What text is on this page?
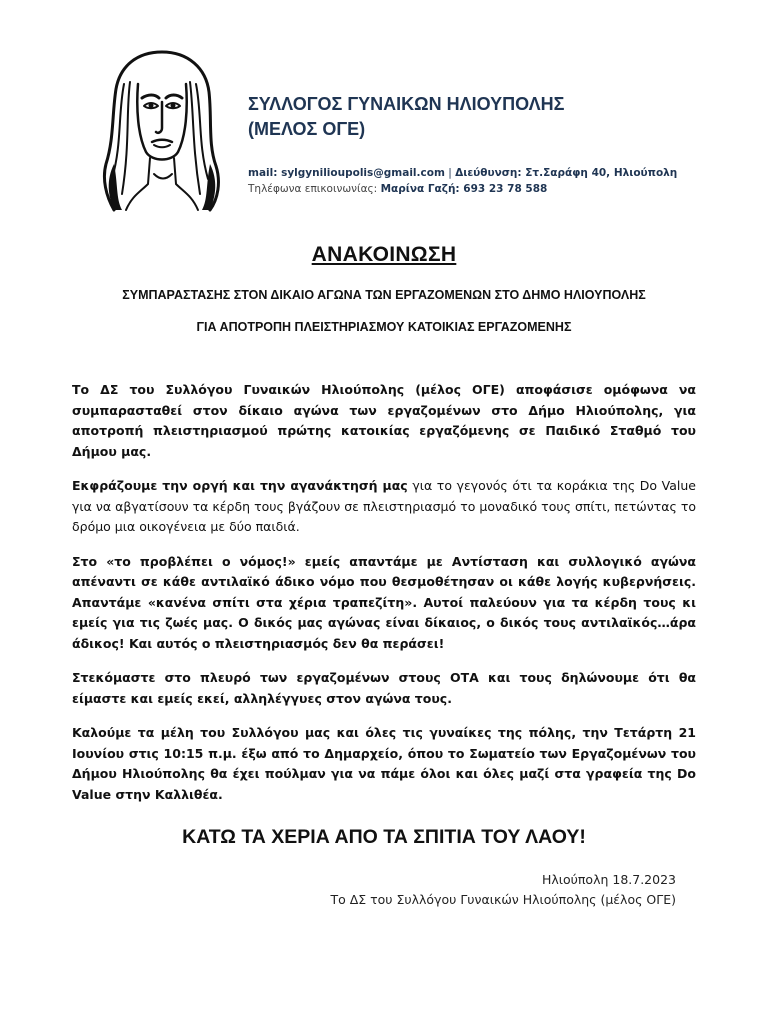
ΣΥΛΛΟΓΟΣ ΓΥΝΑΙΚΩΝ ΗΛΙΟΥΠΟΛΗΣ
(ΜΕΛΟΣ ΟΓΕ)
mail: sylgynilioupolis@gmail.com | Διεύθυνση: Στ.Σαράφη 40, Ηλιούπολη
Τηλέφωνα επικοινωνίας: Μαρίνα Γαζή: 693 23 78 588
ΑΝΑΚΟΙΝΩΣΗ

ΣΥΜΠΑΡΑΣΤΑΣΗΣ ΣΤΟΝ ΔΙΚΑΙΟ ΑΓΩΝΑ ΤΩΝ ΕΡΓΑΖΟΜΕΝΩΝ ΣΤΟ ΔΗΜΟ ΗΛΙΟΥΠΟΛΗΣ

ΓΙΑ ΑΠΟΤΡΟΠΗ ΠΛΕΙΣΤΗΡΙΑΣΜΟΥ ΚΑΤΟΙΚΙΑΣ ΕΡΓΑΖΟΜΕΝΗΣ

Το ΔΣ του Συλλόγου Γυναικών Ηλιούπολης (μέλος ΟΓΕ) αποφάσισε ομόφωνα να συμπαρασταθεί στον δίκαιο αγώνα των εργαζομένων στο Δήμο Ηλιούπολης, για αποτροπή πλειστηριασμού πρώτης κατοικίας εργαζόμενης σε Παιδικό Σταθμό του Δήμου μας.

Εκφράζουμε την οργή και την αγανάκτησή μας για το γεγονός ότι τα κοράκια της Do Value για να αβγατίσουν τα κέρδη τους βγάζουν σε πλειστηριασμό το μοναδικό τους σπίτι, πετώντας το δρόμο μια οικογένεια με δύο παιδιά.

Στο «το προβλέπει ο νόμος!» εμείς απαντάμε με Αντίσταση και συλλογικό αγώνα απέναντι σε κάθε αντιλαϊκό άδικο νόμο που θεσμοθέτησαν οι κάθε λογής κυβερνήσεις. Απαντάμε «κανένα σπίτι στα χέρια τραπεζίτη». Αυτοί παλεύουν για τα κέρδη τους κι εμείς για τις ζωές μας. Ο δικός μας αγώνας είναι δίκαιος, ο δικός τους αντιλαϊκός…άρα άδικος! Και αυτός ο πλειστηριασμός δεν θα περάσει!

Στεκόμαστε στο πλευρό των εργαζομένων στους ΟΤΑ και τους δηλώνουμε ότι θα είμαστε και εμείς εκεί, αλληλέγγυες στον αγώνα τους.

Καλούμε τα μέλη του Συλλόγου μας και όλες τις γυναίκες της πόλης, την Τετάρτη 21 Ιουνίου στις 10:15 π.μ. έξω από το Δημαρχείο, όπου το Σωματείο των Εργαζομένων του Δήμου Ηλιούπολης θα έχει πούλμαν για να πάμε όλοι και όλες μαζί στα γραφεία της Do Value στην Καλλιθέα.

ΚΑΤΩ ΤΑ ΧΕΡΙΑ ΑΠΟ ΤΑ ΣΠΙΤΙΑ ΤΟΥ ΛΑΟΥ!
Ηλιούπολη 18.7.2023
Το ΔΣ του Συλλόγου Γυναικών Ηλιούπολης (μέλος ΟΓΕ)
